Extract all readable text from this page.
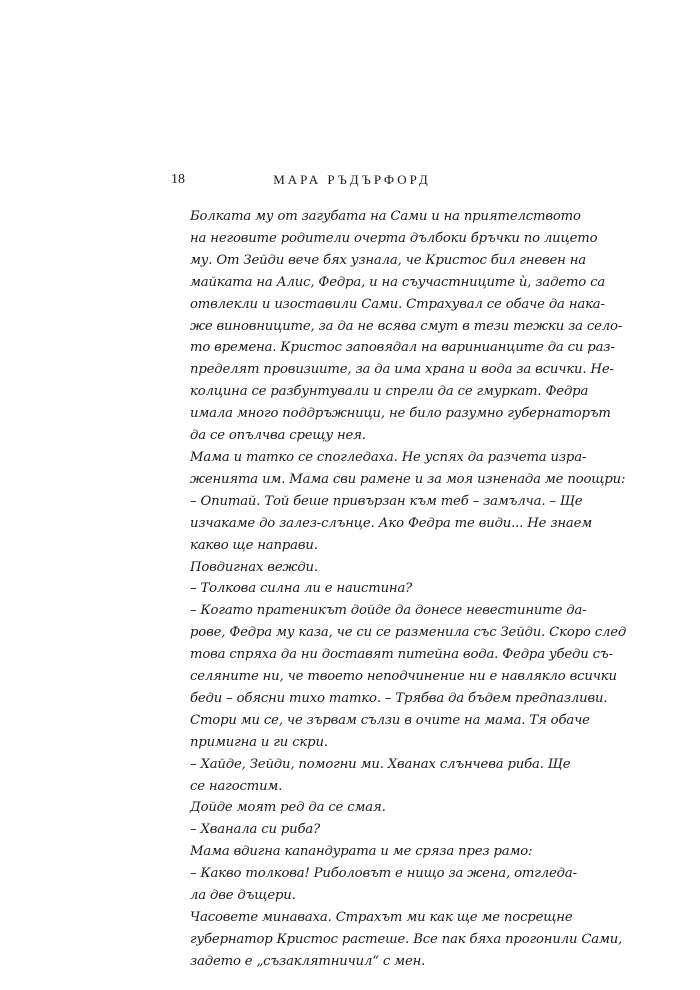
18	МАРА РЪДЪРФОРД

Болката му от загубата на Сами и на приятелството
на неговите родители очерта дълбоки бръчки по лицето
му. От Зейди вече бях узнала, че Кристос бил гневен на
майката на Алис, Федра, и на съучастниците ѝ, задето са
отвлекли и изоставили Сами. Страхувал се обаче да нака-
же виновниците, за да не всява смут в тези тежки за село-
то времена. Кристос заповядал на варинианците да си раз-
пределят провизиите, за да има храна и вода за всички. Не-
колцина се разбунтували и спрели да се гмуркат. Федра
имала много поддръжници, не било разумно губернаторът
да се опълчва срещу нея.

Мама и татко се спогледаха. Не успях да разчета изра-
женията им. Мама сви рамене и за моя изненада ме поощри:
– Опитай. Той беше привързан към теб – замълча. – Ще
изчакаме до залез-слънце. Ако Федра те види... Не знаем
какво ще направи.

Повдигнах вежди.

– Толкова силна ли е наистина?

– Когато пратеникът дойде да донесе невестините да-
рове, Федра му каза, че си се разменила със Зейди. Скоро след
това спряха да ни доставят питейна вода. Федра убеди съ-
селяните ни, че твоето неподчинение ни е навлякло всички
беди – обясни тихо татко. – Трябва да бъдем предпазливи.

Стори ми се, че зървам сълзи в очите на мама. Тя обаче
примигна и ги скри.

– Хайде, Зейди, помогни ми. Хванах слънчева риба. Ще
се нагостим.

Дойде моят ред да се смая.

– Хванала си риба?

Мама вдигна капандурата и ме сряза през рамо:

– Какво толкова! Риболовът е нищо за жена, отгледа-
ла две дъщери.

Часовете минаваха. Страхът ми как ще ме посрещне
губернатор Кристос растеше. Все пак бяха прогонили Сами,
задето е „съзаклятничил“ с мен.
